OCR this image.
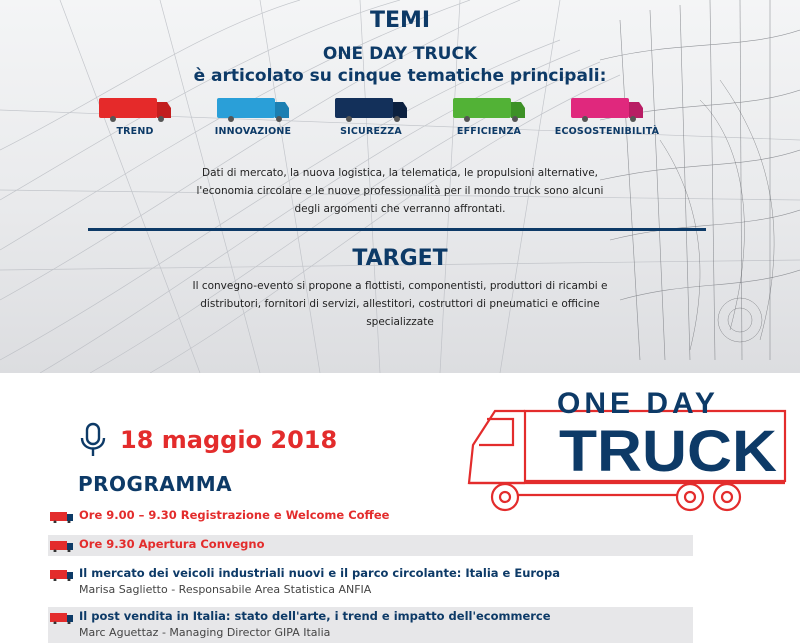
TEMI
ONE DAY TRUCK
è articolato su cinque tematiche principali:
TREND	INNOVAZIONE	SICUREZZA	EFFICIENZA	ECOSOSTENIBILITÀ
Dati di mercato, la nuova logistica, la telematica, le propulsioni alternative, l'economia circolare e le nuove professionalità per il mondo truck sono alcuni degli argomenti che verranno affrontati.
TARGET
Il convegno-evento si propone a flottisti, componentisti, produttori di ricambi e distributori, fornitori di servizi, allestitori, costruttori di pneumatici e officine specializzate
18 maggio 2018
PROGRAMMA
ONE DAY
TRUCK
Ore 9.00 – 9.30 Registrazione e Welcome Coffee
Ore 9.30 Apertura Convegno
Il mercato dei veicoli industriali nuovi e il parco circolante: Italia e Europa
Marisa Saglietto - Responsabile Area Statistica ANFIA
Il post vendita in Italia: stato dell'arte, i trend e impatto dell'ecommerce
Marc Aguettaz - Managing Director GIPA Italia
